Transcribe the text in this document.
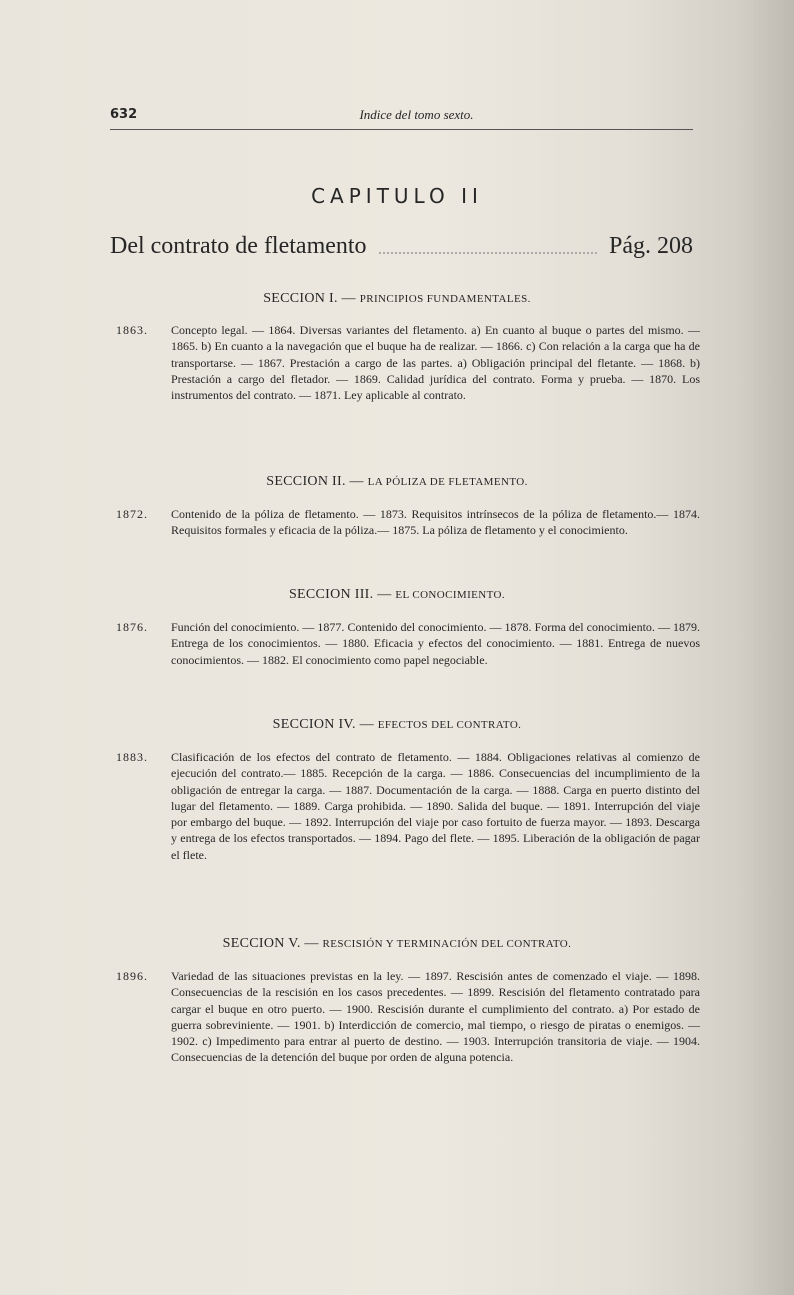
632	Indice del tomo sexto.
CAPITULO II
Del contrato de fletamento	Pág. 208
SECCION I. — PRINCIPIOS FUNDAMENTALES.
1863.	Concepto legal. — 1864. Diversas variantes del fletamento. a) En cuanto al buque o partes del mismo. — 1865. b) En cuanto a la navegación que el buque ha de realizar. — 1866. c) Con relación a la carga que ha de transportarse. — 1867. Prestación a cargo de las partes. a) Obligación principal del fletante. — 1868. b) Prestación a cargo del fletador. — 1869. Calidad jurídica del contrato. Forma y prueba. — 1870. Los instrumentos del contrato. — 1871. Ley aplicable al contrato.
SECCION II. — LA PÓLIZA DE FLETAMENTO.
1872.	Contenido de la póliza de fletamento. — 1873. Requisitos intrínsecos de la póliza de fletamento.— 1874. Requisitos formales y eficacia de la póliza.— 1875. La póliza de fletamento y el conocimiento.
SECCION III. — EL CONOCIMIENTO.
1876.	Función del conocimiento. — 1877. Contenido del conocimiento. — 1878. Forma del conocimiento. — 1879. Entrega de los conocimientos. — 1880. Eficacia y efectos del conocimiento. — 1881. Entrega de nuevos conocimientos. — 1882. El conocimiento como papel negociable.
SECCION IV. — EFECTOS DEL CONTRATO.
1883.	Clasificación de los efectos del contrato de fletamento. — 1884. Obligaciones relativas al comienzo de ejecución del contrato.— 1885. Recepción de la carga. — 1886. Consecuencias del incumplimiento de la obligación de entregar la carga. — 1887. Documentación de la carga. — 1888. Carga en puerto distinto del lugar del fletamento. — 1889. Carga prohibida. — 1890. Salida del buque. — 1891. Interrupción del viaje por embargo del buque. — 1892. Interrupción del viaje por caso fortuito de fuerza mayor. — 1893. Descarga y entrega de los efectos transportados. — 1894. Pago del flete. — 1895. Liberación de la obligación de pagar el flete.
SECCION V. — RESCISIÓN Y TERMINACIÓN DEL CONTRATO.
1896.	Variedad de las situaciones previstas en la ley. — 1897. Rescisión antes de comenzado el viaje. — 1898. Consecuencias de la rescisión en los casos precedentes. — 1899. Rescisión del fletamento contratado para cargar el buque en otro puerto. — 1900. Rescisión durante el cumplimiento del contrato. a) Por estado de guerra sobreviniente. — 1901. b) Interdicción de comercio, mal tiempo, o riesgo de piratas o enemigos. — 1902. c) Impedimento para entrar al puerto de destino. — 1903. Interrupción transitoria de viaje. — 1904. Consecuencias de la detención del buque por orden de alguna potencia.
